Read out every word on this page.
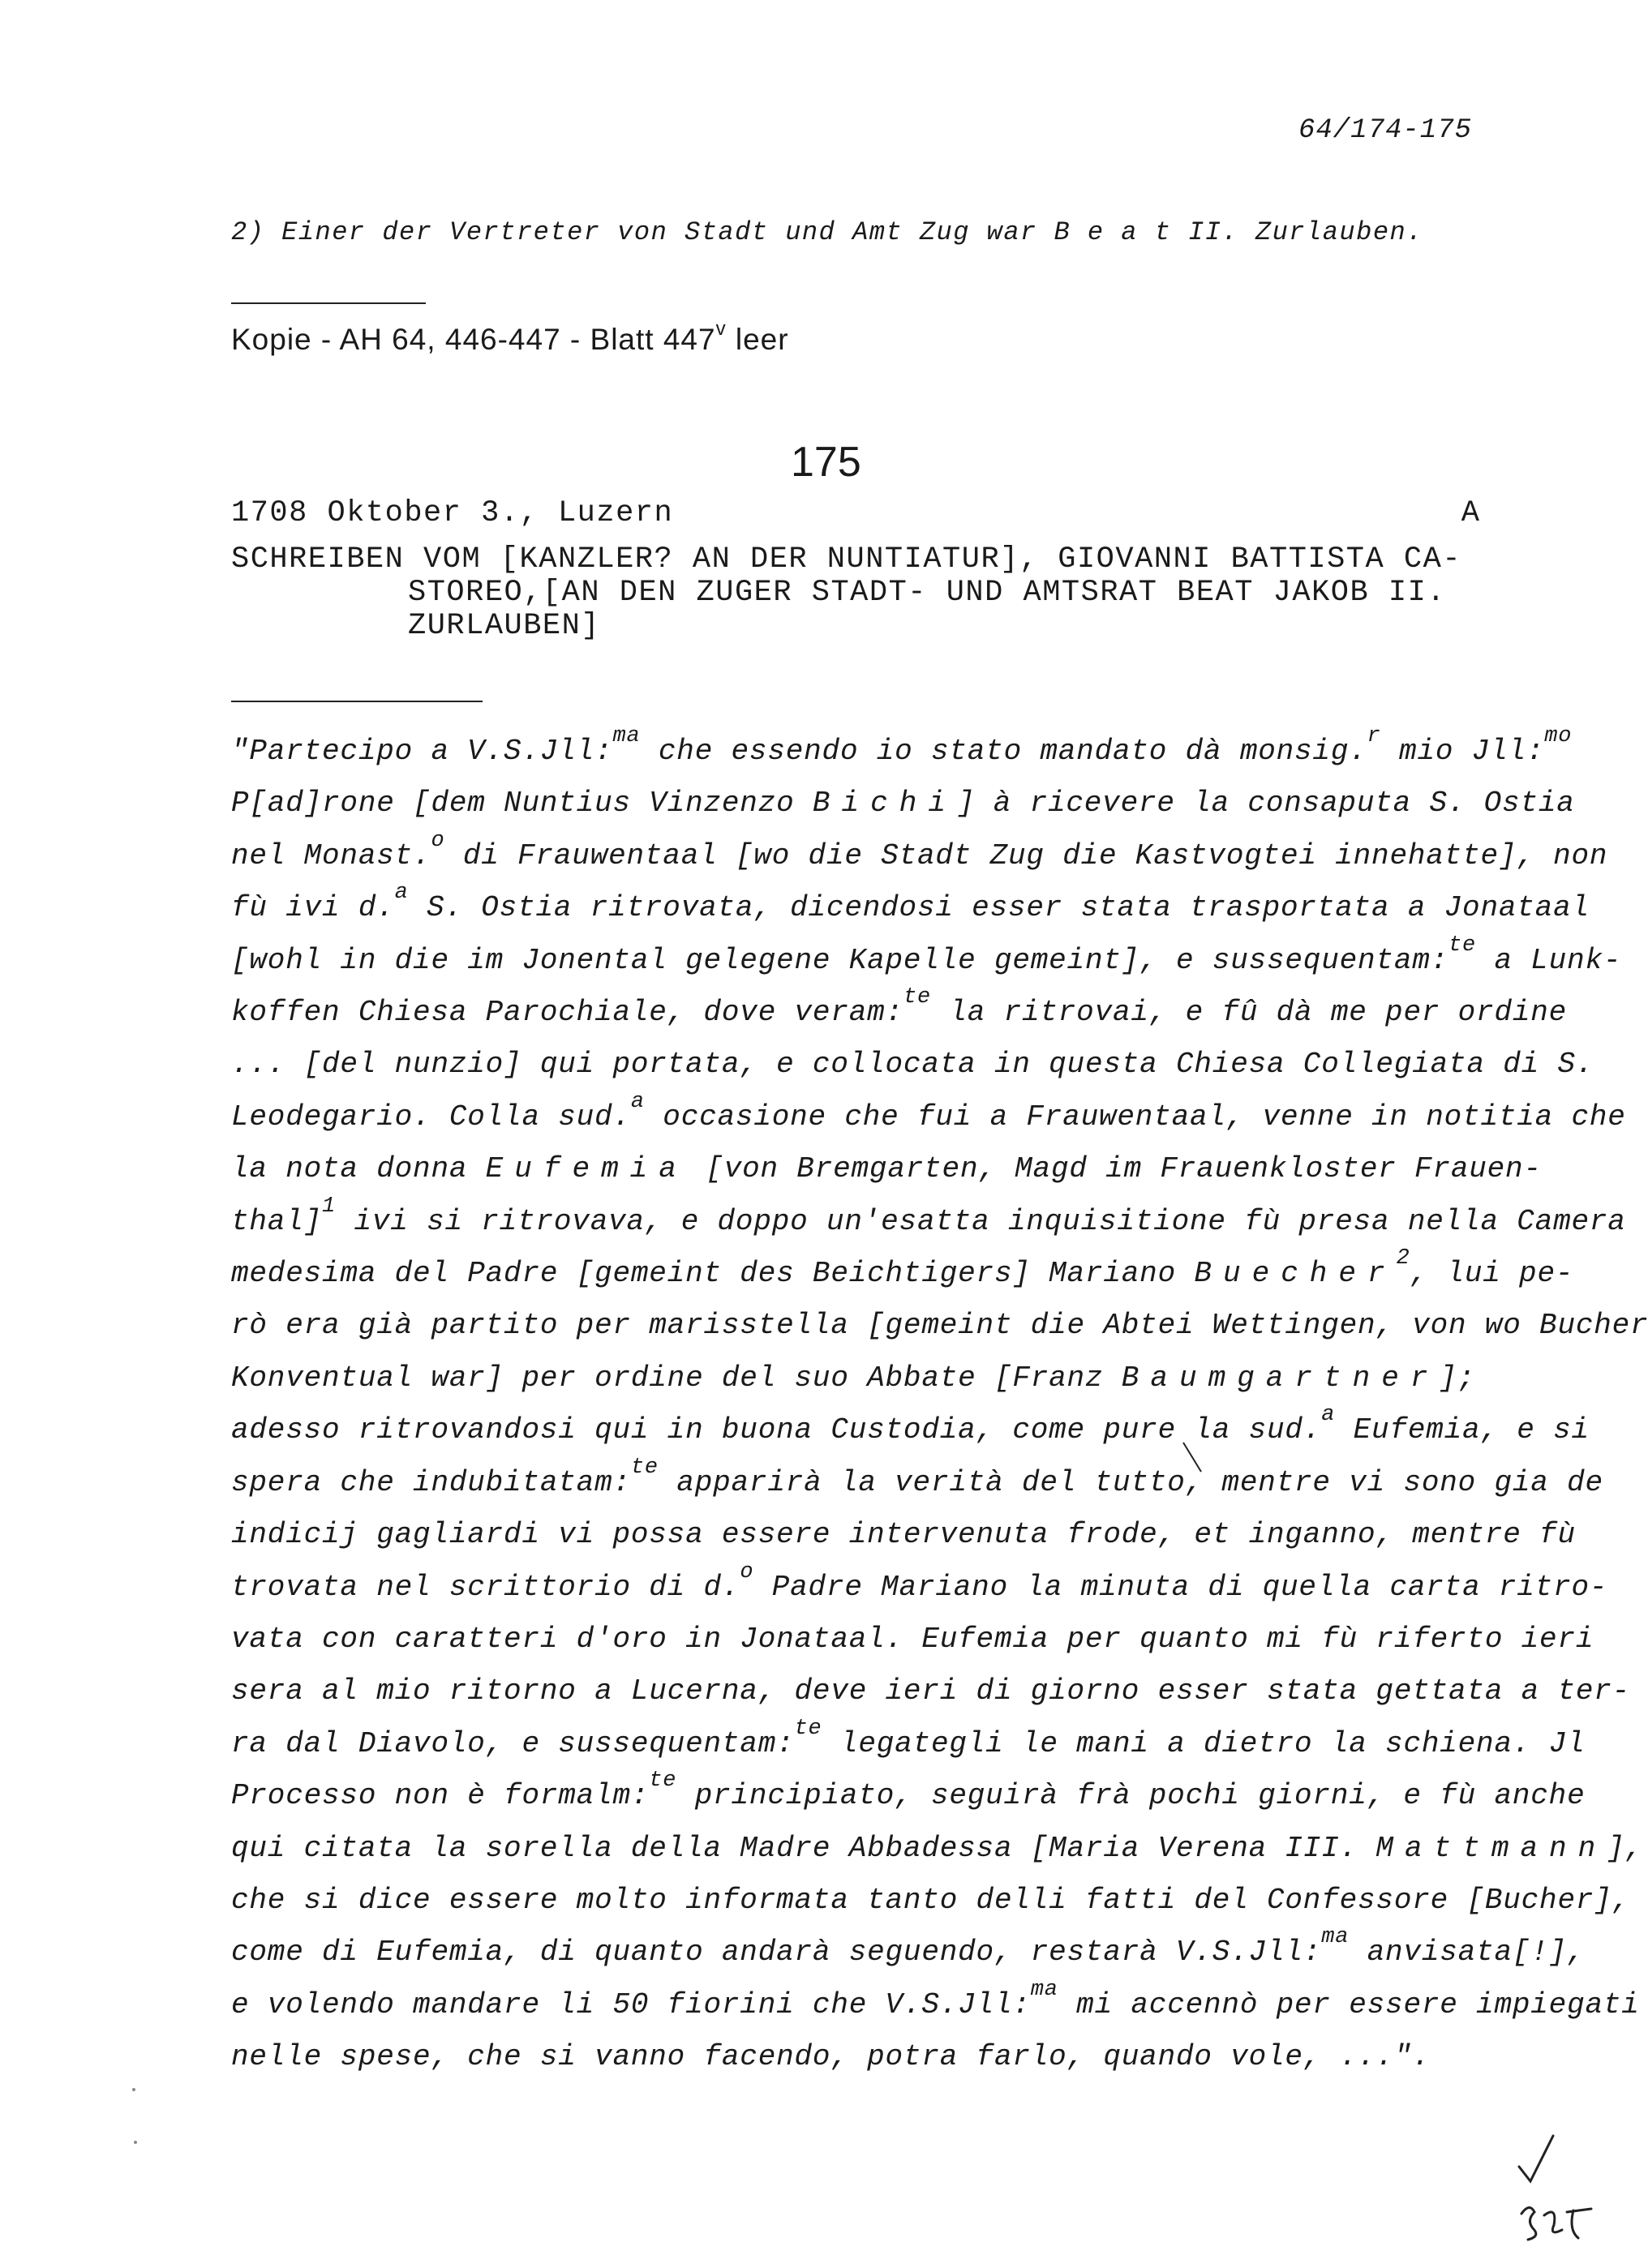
64/174-175
2) Einer der Vertreter von Stadt und Amt Zug war B e a t II. Zurlauben.
Kopie - AH 64, 446-447 - Blatt 447$^v$ leer
175
1708 Oktober 3., Luzern	A
SCHREIBEN VOM [KANZLER? AN DER NUNTIATUR], GIOVANNI BATTISTA CA-
STOREO,[AN DEN ZUGER STADT- UND AMTSRAT BEAT JAKOB II.
ZURLAUBEN]
"Partecipo a V.S.Jll:$^{ma}$ che essendo io stato mandato dà monsig.$^r$ mio Jll:$^{mo}$
P[ad]rone [dem Nuntius Vinzenzo Bichi] à ricevere la consaputa S. Ostia
nel Monast.$^o$ di Frauwentaal [wo die Stadt Zug die Kastvogtei innehatte], non
fù ivi d.$^a$ S. Ostia ritrovata, dicendosi esser stata trasportata a Jonataal
[wohl in die im Jonental gelegene Kapelle gemeint], e sussequentam:$^{te}$ a Lunk-
koffen Chiesa Parochiale, dove veram:$^{te}$ la ritrovai, e fû dà me per ordine
... [del nunzio] qui portata, e collocata in questa Chiesa Collegiata di S.
Leodegario. Colla sud.$^a$ occasione che fui a Frauwentaal, venne in notitia che
la nota donna Eufemia [von Bremgarten, Magd im Frauenkloster Frauen-
thal]$^1$ ivi si ritrovava, e doppo un'esatta inquisitione fù presa nella Camera
medesima del Padre [gemeint des Beichtigers] Mariano Buecher$^2$, lui pe-
rò era già partito per marisstella [gemeint die Abtei Wettingen, von wo Bucher
Konventual war] per ordine del suo Abbate [Franz Baumgartner];
adesso ritrovandosi qui in buona Custodia, come pure la sud.$^a$ Eufemia, e si
spera che indubitatam:$^{te}$ apparirà la verità del tutto, mentre vi sono gia de
indicij gagliardi vi possa essere intervenuta frode, et inganno, mentre fù
trovata nel scrittorio di d.$^o$ Padre Mariano la minuta di quella carta ritro-
vata con caratteri d'oro in Jonataal. Eufemia per quanto mi fù riferto ieri
sera al mio ritorno a Lucerna, deve ieri di giorno esser stata gettata a ter-
ra dal Diavolo, e sussequentam:$^{te}$ legategli le mani a dietro la schiena. Jl
Processo non è formalm:$^{te}$ principiato, seguirà frà pochi giorni, e fù anche
qui citata la sorella della Madre Abbadessa [Maria Verena III. Mattmann],
che si dice essere molto informata tanto delli fatti del Confessore [Bucher],
come di Eufemia, di quanto andarà seguendo, restarà V.S.Jll:$^{ma}$ anvisata[!],
e volendo mandare li 50 fiorini che V.S.Jll:$^{ma}$ mi accennò per essere impiegati
nelle spese, che si vanno facendo, potra farlo, quando vole, ...".
